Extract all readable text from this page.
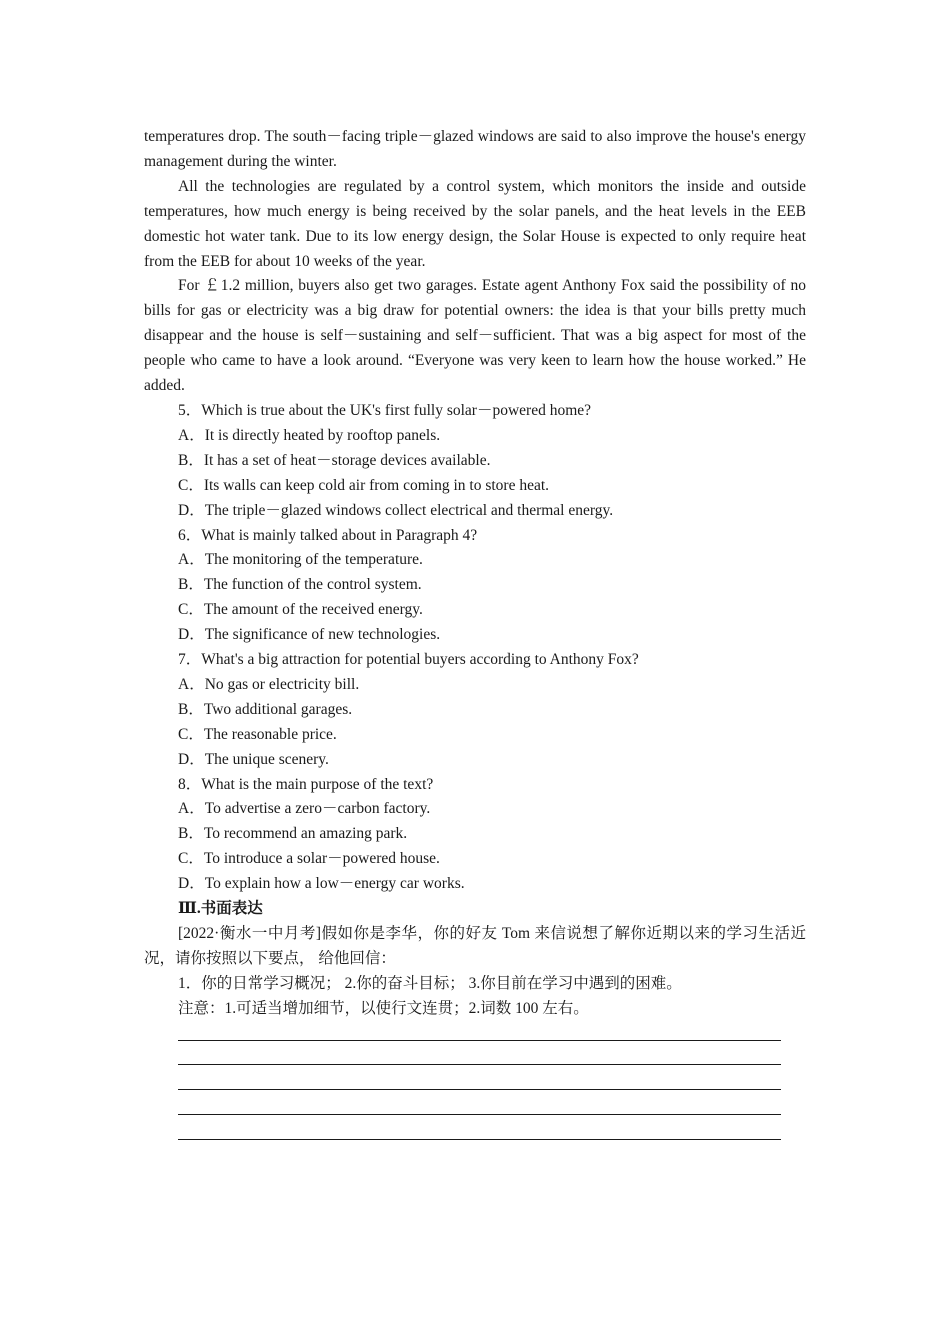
temperatures drop. The south－facing triple－glazed windows are said to also improve the house's energy management during the winter.

All the technologies are regulated by a control system, which monitors the inside and outside temperatures, how much energy is being received by the solar panels, and the heat levels in the EEB domestic hot water tank. Due to its low energy design, the Solar House is expected to only require heat from the EEB for about 10 weeks of the year.

For ￡1.2 million, buyers also get two garages. Estate agent Anthony Fox said the possibility of no bills for gas or electricity was a big draw for potential owners: the idea is that your bills pretty much disappear and the house is self－sustaining and self－sufficient. That was a big aspect for most of the people who came to have a look around. “Everyone was very keen to learn how the house worked.” He added.

5．Which is true about the UK's first fully solar－powered home?

A．It is directly heated by rooftop panels.

B．It has a set of heat－storage devices available.

C．Its walls can keep cold air from coming in to store heat.

D．The triple－glazed windows collect electrical and thermal energy.

6．What is mainly talked about in Paragraph 4?

A．The monitoring of the temperature.

B．The function of the control system.

C．The amount of the received energy.

D．The significance of new technologies.

7．What's a big attraction for potential buyers according to Anthony Fox?

A．No gas or electricity bill.

B．Two additional garages.

C．The reasonable price.

D．The unique scenery.

8．What is the main purpose of the text?

A．To advertise a zero－carbon factory.

B．To recommend an amazing park.

C．To introduce a solar－powered house.

D．To explain how a low－energy car works.

Ⅲ.书面表达

[2022·衡水一中月考]假如你是李华，你的好友 Tom 来信说想了解你近期以来的学习生活近况，请你按照以下要点， 给他回信：

1．你的日常学习概况； 2.你的奋斗目标； 3.你目前在学习中遇到的困难。

注意：1.可适当增加细节，以使行文连贯；2.词数 100 左右。
